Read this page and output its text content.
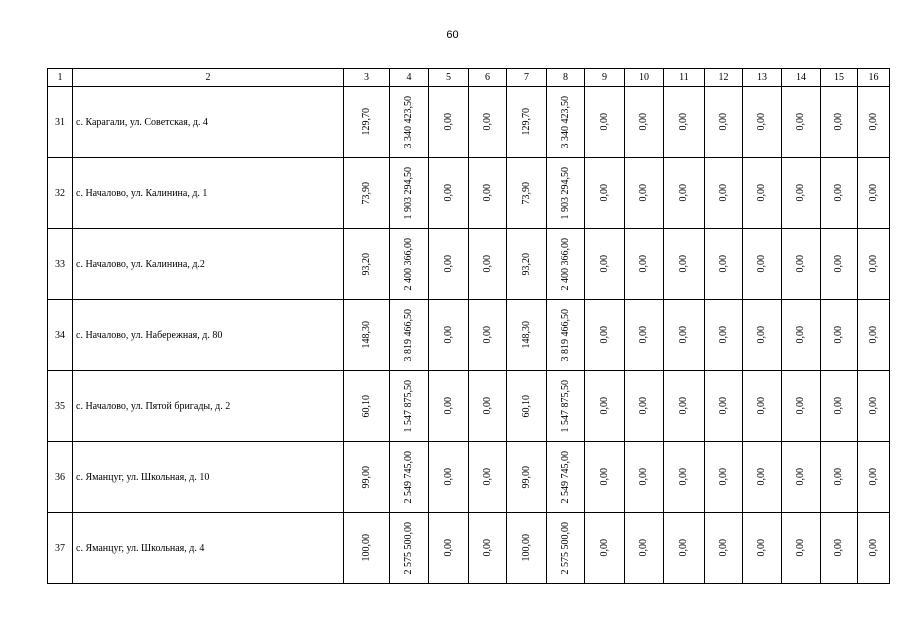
60
1	2	3	4	5	6	7	8	9	10	11	12	13	14	15	16
31	с. Карагали, ул. Советская, д. 4	129,70	3 340 423,50	0,00	0,00	129,70	3 340 423,50	0,00	0,00	0,00	0,00	0,00	0,00	0,00	0,00

32	с. Началово, ул. Калинина, д. 1	73,90	1 903 294,50	0,00	0,00	73,90	1 903 294,50	0,00	0,00	0,00	0,00	0,00	0,00	0,00	0,00

33	с. Началово, ул. Калинина, д.2	93,20	2 400 366,00	0,00	0,00	93,20	2 400 366,00	0,00	0,00	0,00	0,00	0,00	0,00	0,00	0,00

34	с. Началово, ул. Набережная, д. 80	148,30	3 819 466,50	0,00	0,00	148,30	3 819 466,50	0,00	0,00	0,00	0,00	0,00	0,00	0,00	0,00

35	с. Началово, ул. Пятой бригады, д. 2	60,10	1 547 875,50	0,00	0,00	60,10	1 547 875,50	0,00	0,00	0,00	0,00	0,00	0,00	0,00	0,00

36	с. Яманцуг, ул. Школьная, д. 10	99,00	2 549 745,00	0,00	0,00	99,00	2 549 745,00	0,00	0,00	0,00	0,00	0,00	0,00	0,00	0,00

37	с. Яманцуг, ул. Школьная, д. 4	100,00	2 575 500,00	0,00	0,00	100,00	2 575 500,00	0,00	0,00	0,00	0,00	0,00	0,00	0,00	0,00
